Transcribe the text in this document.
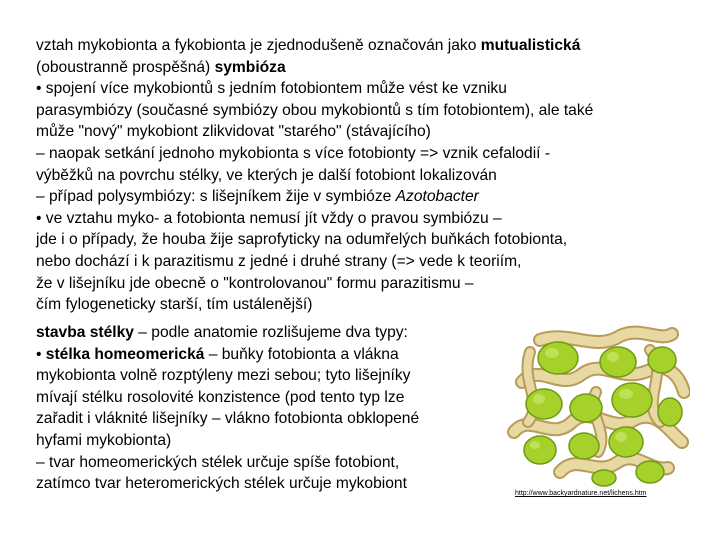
vztah mykobionta a fykobionta je zjednodušeně označován jako mutualistická
(oboustranně prospěšná) symbióza
• spojení více mykobiontů s jedním fotobiontem může vést ke vzniku
parasymbiózy (současné symbiózy obou mykobiontů s tím fotobiontem), ale také
může "nový" mykobiont zlikvidovat "starého" (stávajícího)
– naopak setkání jednoho mykobionta s více fotobionty => vznik cefalodií -
výběžků na povrchu stélky, ve kterých je další fotobiont lokalizován
– případ polysymbiózy: s lišejníkem žije v symbióze Azotobacter
• ve vztahu myko- a fotobionta nemusí jít vždy o pravou symbiózu –
jde i o případy, že houba žije saprofyticky na odumřelých buňkách fotobionta,
nebo dochází i k parazitismu z jedné i druhé strany (=> vede k teoriím,
že v lišejníku jde obecně o "kontrolovanou" formu parazitismu –
čím fylogeneticky starší, tím ustálenější)
stavba stélky – podle anatomie rozlišujeme dva typy:
• stélka homeomerická – buňky fotobionta a vlákna
mykobionta volně rozptýleny mezi sebou; tyto lišejníky
mívají stélku rosolovité konzistence (pod tento typ lze
zařadit i vláknité lišejníky – vlákno fotobionta obklopené
hyfami mykobionta)
– tvar homeomerických stélek určuje spíše fotobiont,
zatímco tvar heteromerických stélek určuje mykobiont
http://www.backyardnature.net/lichens.htm
